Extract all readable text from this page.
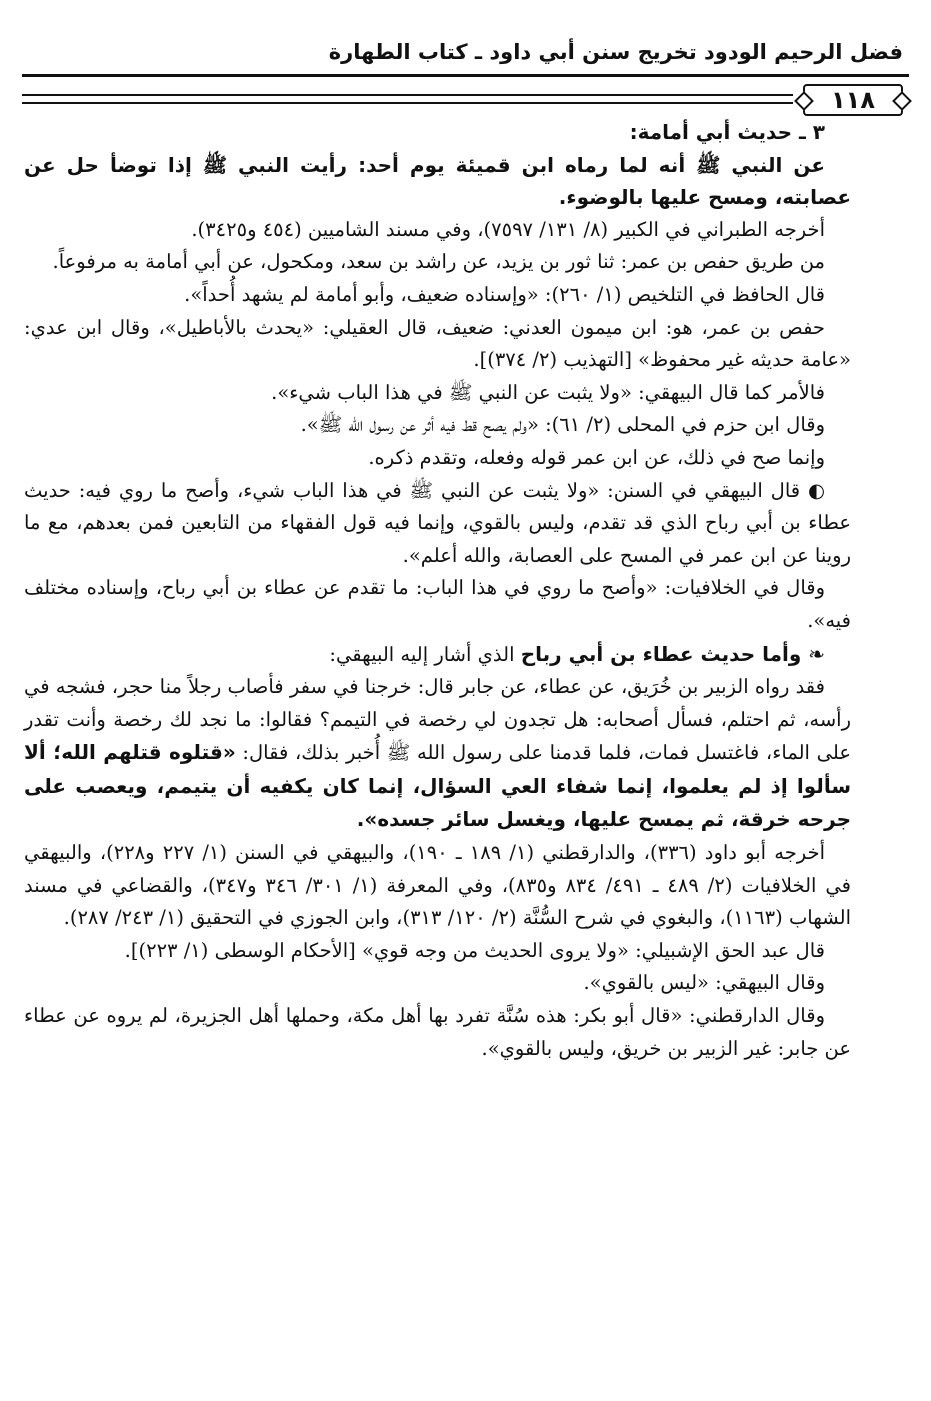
فضل الرحيم الودود تخريج سنن أبي داود ـ كتاب الطهارة
١١٨

٣ ـ حديث أبي أمامة:

عن النبي ﷺ أنه لما رماه ابن قميئة يوم أحد: رأيت النبي ﷺ إذا توضأ حل عن عصابته، ومسح عليها بالوضوء.

أخرجه الطبراني في الكبير (٨/ ١٣١/ ٧٥٩٧)، وفي مسند الشاميين (٤٥٤ و٣٤٢٥).

من طريق حفص بن عمر: ثنا ثور بن يزيد، عن راشد بن سعد، ومكحول، عن أبي أمامة به مرفوعاً.

قال الحافظ في التلخيص (١/ ٢٦٠): «وإسناده ضعيف، وأبو أمامة لم يشهد أُحداً».

حفص بن عمر، هو: ابن ميمون العدني: ضعيف، قال العقيلي: «يحدث بالأباطيل»، وقال ابن عدي: «عامة حديثه غير محفوظ» [التهذيب (٢/ ٣٧٤)].

فالأمر كما قال البيهقي: «ولا يثبت عن النبي ﷺ في هذا الباب شيء».

وقال ابن حزم في المحلى (٢/ ٦١): «ولم يصح قط فيه أثر عن رسول الله ﷺ».

وإنما صح في ذلك، عن ابن عمر قوله وفعله، وتقدم ذكره.

◐ قال البيهقي في السنن: «ولا يثبت عن النبي ﷺ في هذا الباب شيء، وأصح ما روي فيه: حديث عطاء بن أبي رباح الذي قد تقدم، وليس بالقوي، وإنما فيه قول الفقهاء من التابعين فمن بعدهم، مع ما روينا عن ابن عمر في المسح على العصابة، والله أعلم».

وقال في الخلافيات: «وأصح ما روي في هذا الباب: ما تقدم عن عطاء بن أبي رباح، وإسناده مختلف فيه».

❧ وأما حديث عطاء بن أبي رباح الذي أشار إليه البيهقي:

فقد رواه الزبير بن خُرَيق، عن عطاء، عن جابر قال: خرجنا في سفر فأصاب رجلاً منا حجر، فشجه في رأسه، ثم احتلم، فسأل أصحابه: هل تجدون لي رخصة في التيمم؟ فقالوا: ما نجد لك رخصة وأنت تقدر على الماء، فاغتسل فمات، فلما قدمنا على رسول الله ﷺ أُخبر بذلك، فقال: «قتلوه قتلهم الله؛ ألا سألوا إذ لم يعلموا، إنما شفاء العي السؤال، إنما كان يكفيه أن يتيمم، ويعصب على جرحه خرقة، ثم يمسح عليها، ويغسل سائر جسده».

أخرجه أبو داود (٣٣٦)، والدارقطني (١/ ١٨٩ ـ ١٩٠)، والبيهقي في السنن (١/ ٢٢٧ و٢٢٨)، والبيهقي في الخلافيات (٢/ ٤٨٩ ـ ٤٩١/ ٨٣٤ و٨٣٥)، وفي المعرفة (١/ ٣٠١/ ٣٤٦ و٣٤٧)، والقضاعي في مسند الشهاب (١١٦٣)، والبغوي في شرح السُّنَّة (٢/ ١٢٠/ ٣١٣)، وابن الجوزي في التحقيق (١/ ٢٤٣/ ٢٨٧).

قال عبد الحق الإشبيلي: «ولا يروى الحديث من وجه قوي» [الأحكام الوسطى (١/ ٢٢٣)].

وقال البيهقي: «ليس بالقوي».

وقال الدارقطني: «قال أبو بكر: هذه سُنَّة تفرد بها أهل مكة، وحملها أهل الجزيرة، لم يروه عن عطاء عن جابر: غير الزبير بن خريق، وليس بالقوي».
